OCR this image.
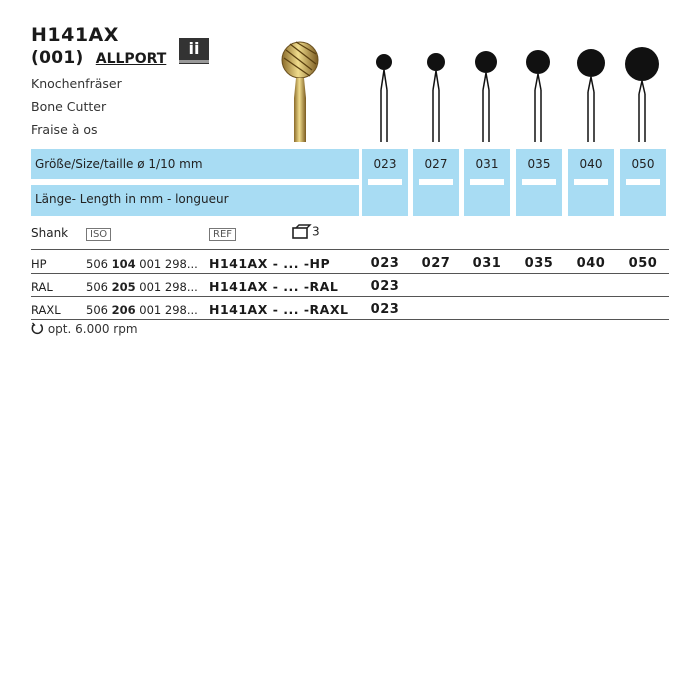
H141AX
(001) ALLPORT
ii
Knochenfräser
Bone Cutter
Fraise à os
Größe/Size/taille ø 1/10 mm
Länge- Length in mm - longueur
023	027	031	035	040	050
Shank	ISO	REF	3
HP	506 104 001 298... H141AX - ... -HP	023	027	031	035	040	050
RAL	506 205 001 298... H141AX - ... -RAL	023
RAXL 506 206 001 298... H141AX - ... -RAXL	023
opt. 6.000 rpm
